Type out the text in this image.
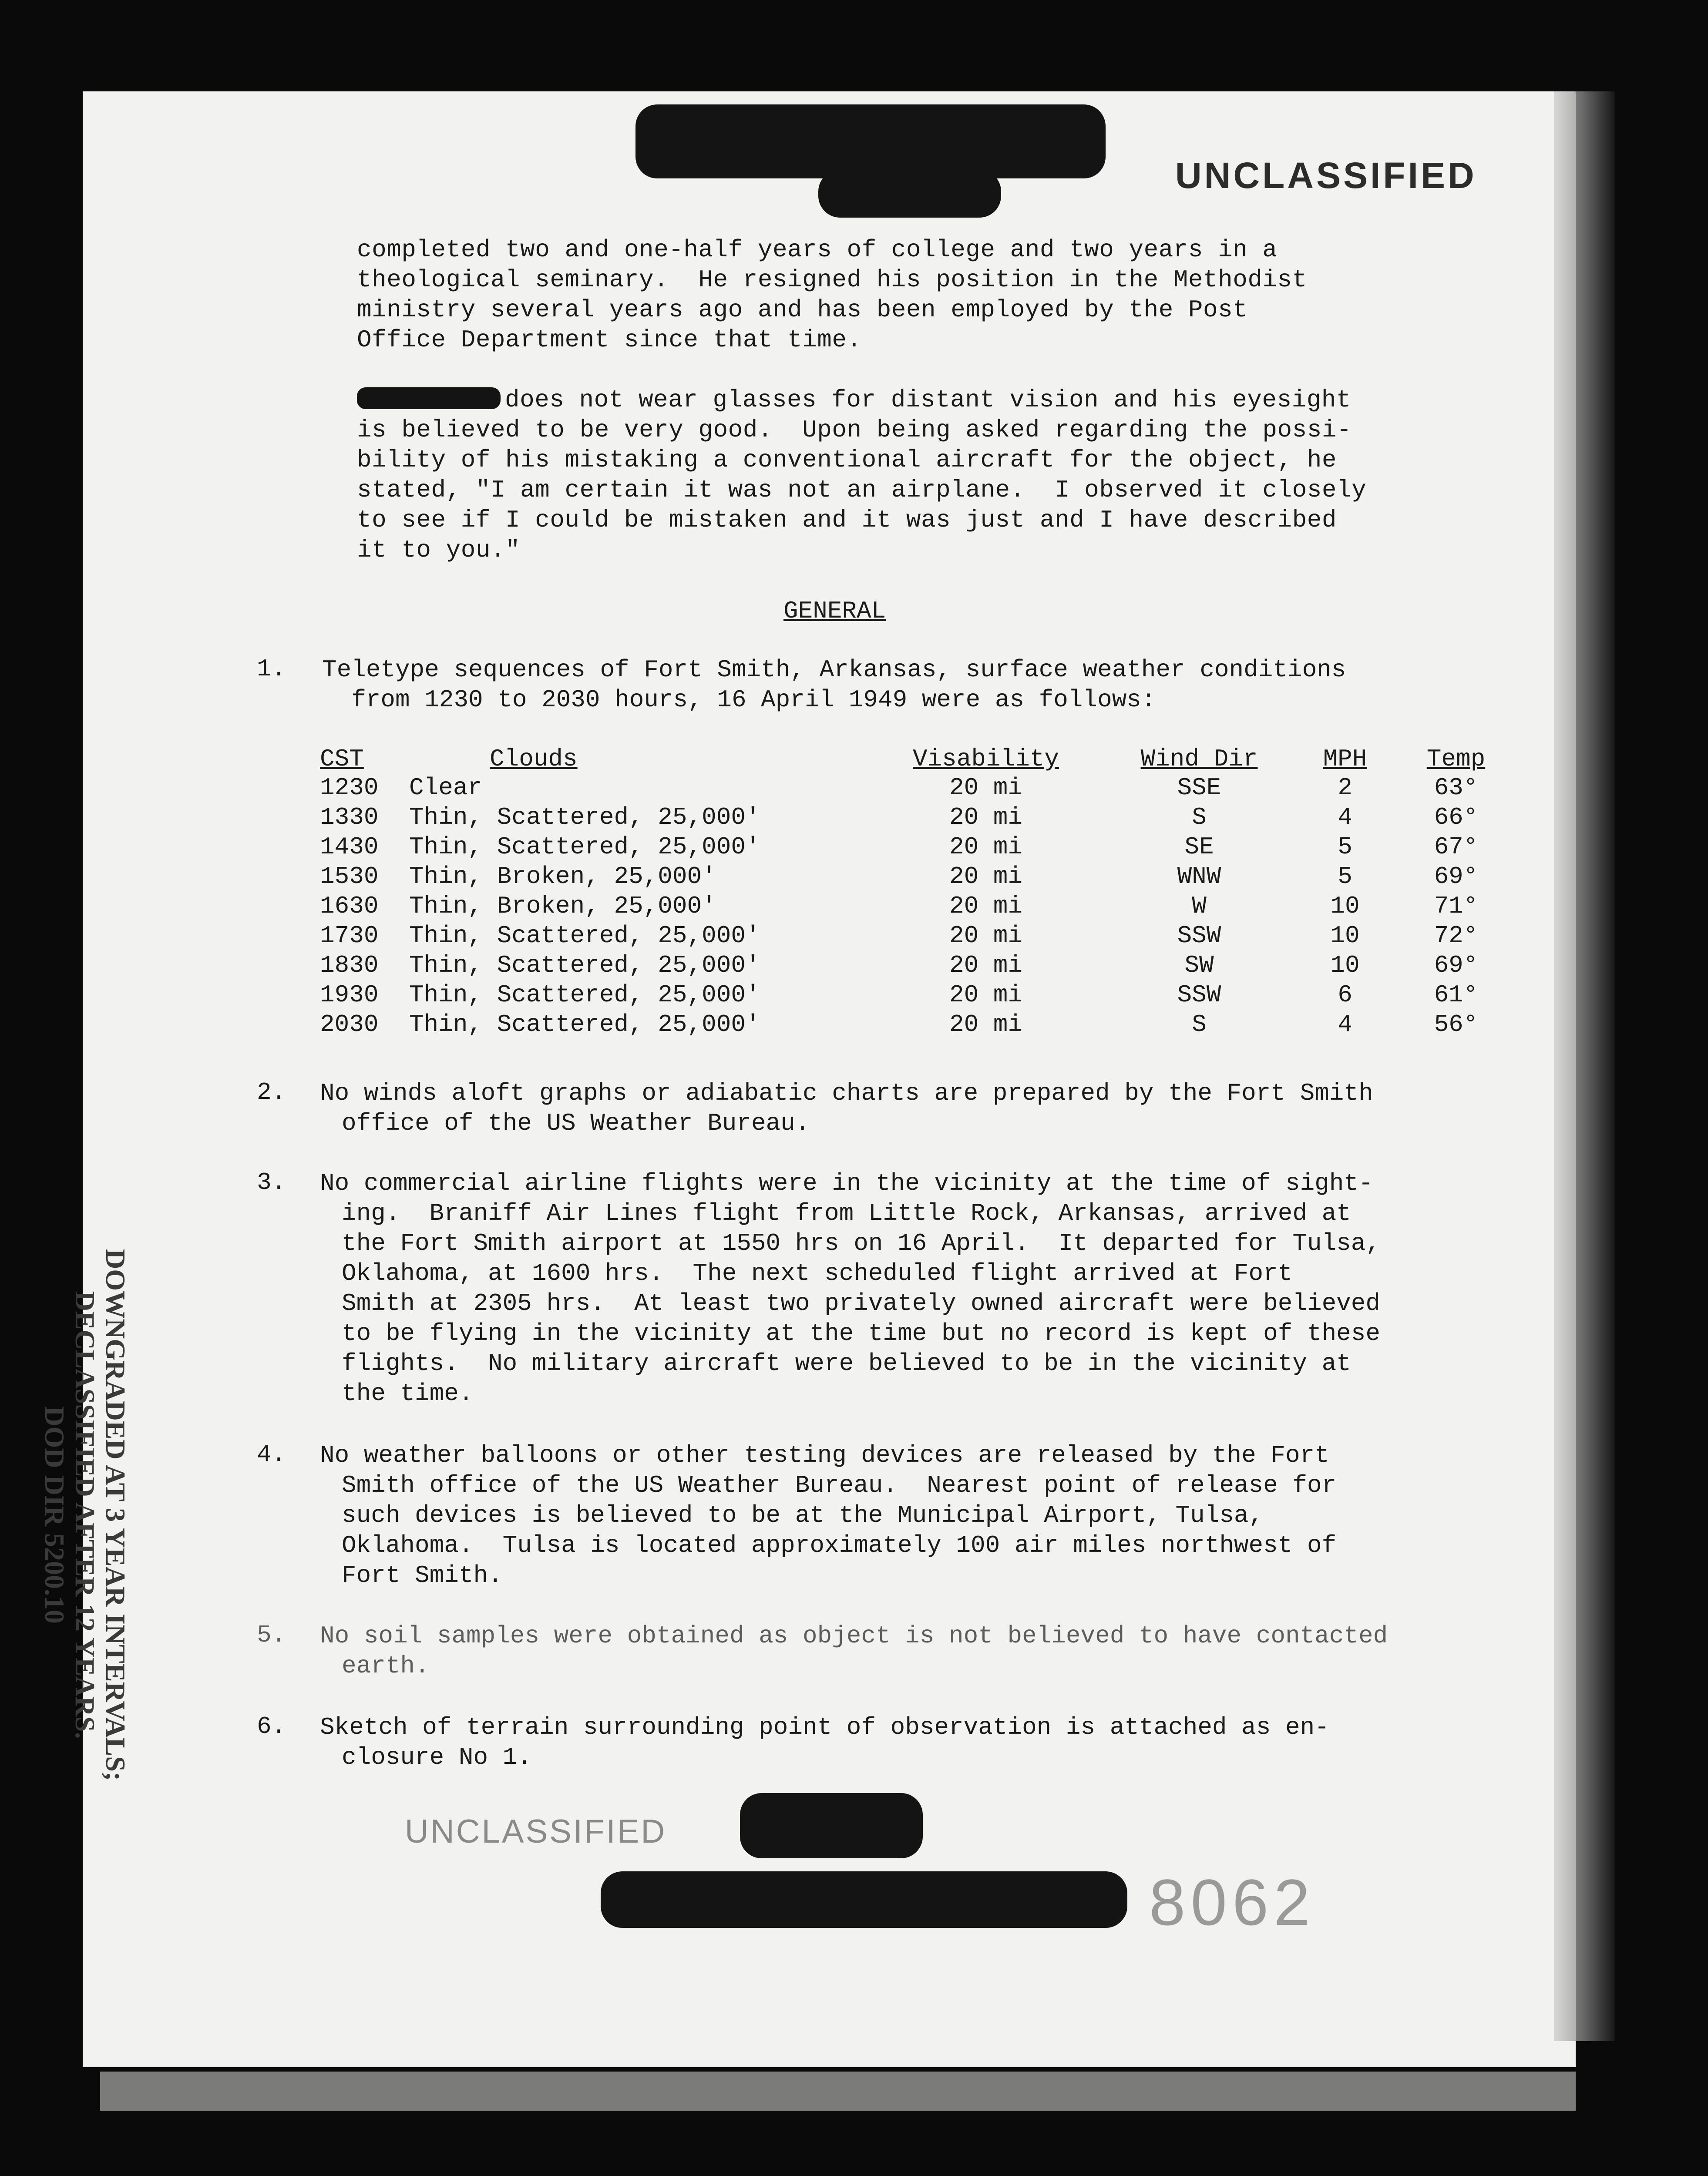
UNCLASSIFIED
UNCLASSIFIED
8062
DOWNGRADED AT 3 YEAR INTERVALS;
DECLASSIFIED AFTER 12 YEARS.
DOD DIR 5200.10
completed two and one-half years of college and two years in a
theological seminary.  He resigned his position in the Methodist
ministry several years ago and has been employed by the Post
Office Department since that time.
does not wear glasses for distant vision and his eyesight
is believed to be very good.  Upon being asked regarding the possi-
bility of his mistaking a conventional aircraft for the object, he
stated, "I am certain it was not an airplane.  I observed it closely
to see if I could be mistaken and it was just and I have described
it to you."
GENERAL
1. Teletype sequences of Fort Smith, Arkansas, surface weather conditions
from 1230 to 2030 hours, 16 April 1949 were as follows:
CST	Clouds	Visability	Wind Dir	MPH	Temp
1230	Clear	20 mi	SSE	2	63°
1330	Thin, Scattered, 25,000'	20 mi	S	4	66°
1430	Thin, Scattered, 25,000'	20 mi	SE	5	67°
1530	Thin, Broken, 25,000'	20 mi	WNW	5	69°
1630	Thin, Broken, 25,000'	20 mi	W	10	71°
1730	Thin, Scattered, 25,000'	20 mi	SSW	10	72°
1830	Thin, Scattered, 25,000'	20 mi	SW	10	69°
1930	Thin, Scattered, 25,000'	20 mi	SSW	6	61°
2030	Thin, Scattered, 25,000'	20 mi	S	4	56°
2. No winds aloft graphs or adiabatic charts are prepared by the Fort Smith
office of the US Weather Bureau.
3. No commercial airline flights were in the vicinity at the time of sight-
ing.  Braniff Air Lines flight from Little Rock, Arkansas, arrived at
the Fort Smith airport at 1550 hrs on 16 April.  It departed for Tulsa,
Oklahoma, at 1600 hrs.  The next scheduled flight arrived at Fort
Smith at 2305 hrs.  At least two privately owned aircraft were believed
to be flying in the vicinity at the time but no record is kept of these
flights.  No military aircraft were believed to be in the vicinity at
the time.
4. No weather balloons or other testing devices are released by the Fort
Smith office of the US Weather Bureau.  Nearest point of release for
such devices is believed to be at the Municipal Airport, Tulsa,
Oklahoma.  Tulsa is located approximately 100 air miles northwest of
Fort Smith.
5. No soil samples were obtained as object is not believed to have contacted
earth.
6. Sketch of terrain surrounding point of observation is attached as en-
closure No 1.
